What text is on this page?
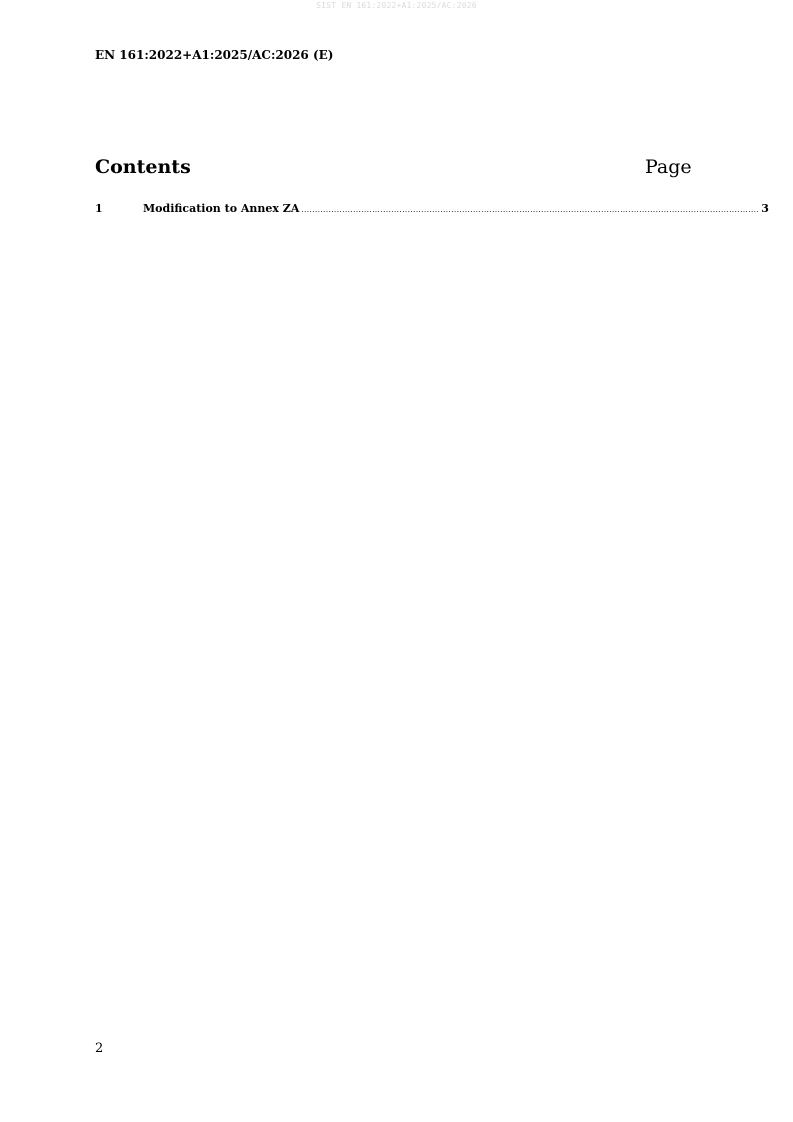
SIST EN 161:2022+A1:2025/AC:2026
EN 161:2022+A1:2025/AC:2026 (E)
Contents	Page
1	Modification to Annex ZA ........................................................................................................................................................................ 3
2
